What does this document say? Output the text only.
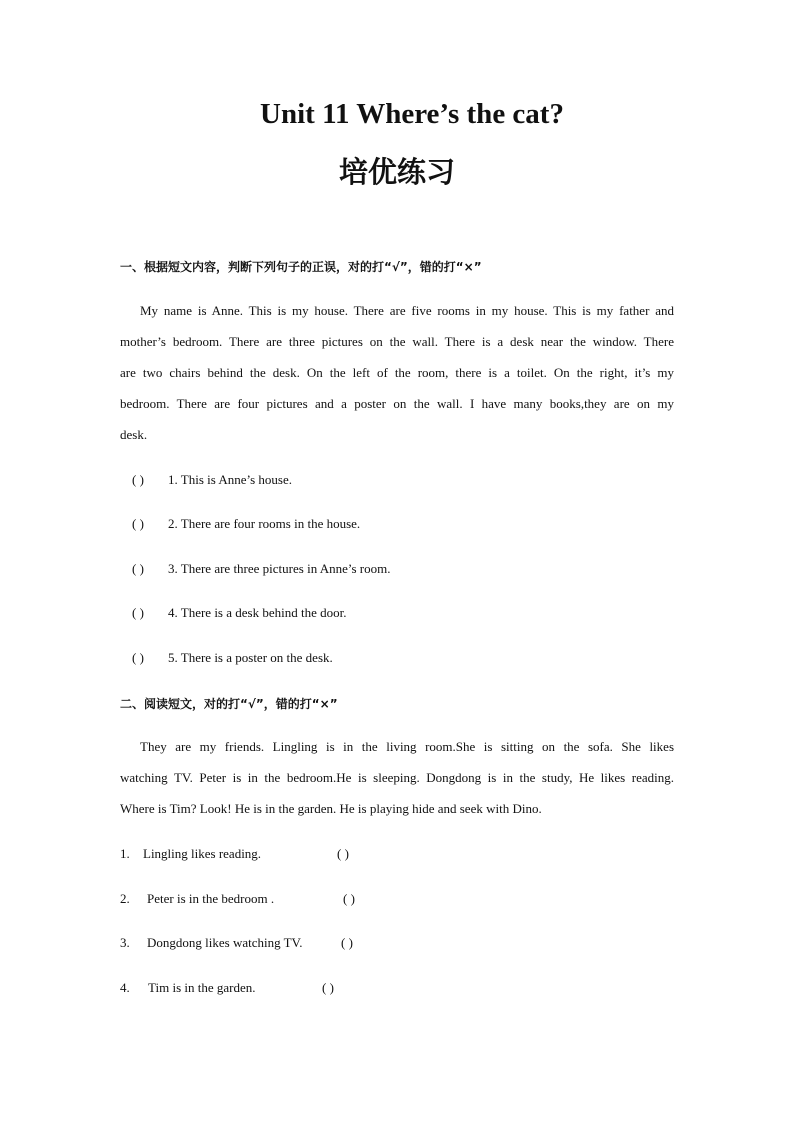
Unit 11 Where’s the cat?
培优练习
一、根据短文内容，判断下列句子的正误，对的打“√”，错的打“×”
My name is Anne. This is my house. There are five rooms in my house. This is my father and
mother’s bedroom. There are three pictures on the wall. There is a desk near the window. There
are two chairs behind the desk. On the left of the room, there is a toilet. On the right, it’s my
bedroom. There are four pictures and a poster on the wall. I have many books,they are on my
desk.
( ) 1. This is Anne’s house.
( ) 2. There are four rooms in the house.
( ) 3. There are three pictures in Anne’s room.
( ) 4. There is a desk behind the door.
( ) 5. There is a poster on the desk.
二、阅读短文，对的打“√”，错的打“×”
They are my friends. Lingling is in the living room.She is sitting on the sofa. She likes
watching TV. Peter is in the bedroom.He is sleeping. Dongdong is in the study, He likes reading.
Where is Tim? Look! He is in the garden. He is playing hide and seek with Dino.
1. Lingling likes reading.	( )
2. Peter is in the bedroom .	( )
3. Dongdong likes watching TV.	( )
4. Tim is in the garden.	( )
